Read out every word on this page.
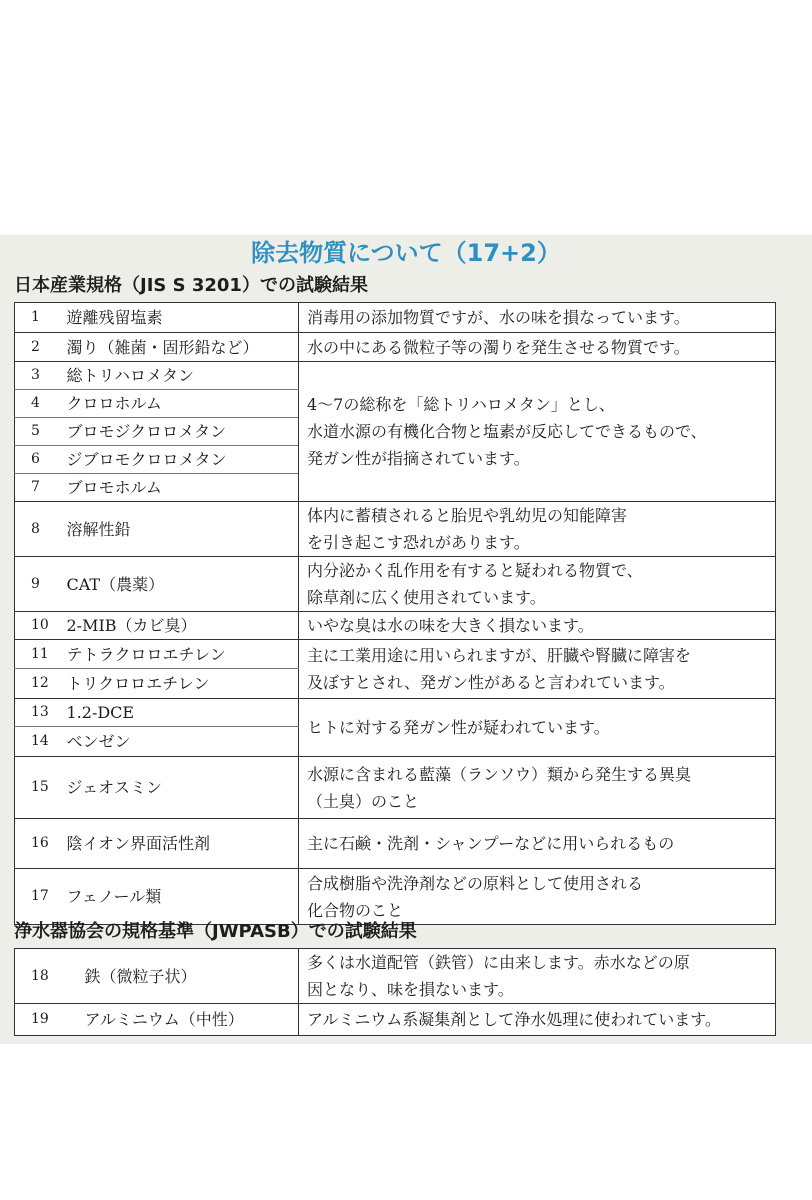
除去物質について（17+2）
日本産業規格（JIS S 3201）での試験結果
1	遊離残留塩素	消毒用の添加物質ですが、水の味を損なっています。

2	濁り（雑菌・固形鉛など）	水の中にある微粒子等の濁りを発生させる物質です。

3	総トリハロメタン	4～7の総称を「総トリハロメタン」とし、
水道水源の有機化合物と塩素が反応してできるもので、
発ガン性が指摘されています。

4	クロロホルム	
5	ブロモジクロロメタン	
6	ジブロモクロロメタン	
7	ブロモホルム	
8	溶解性鉛	体内に蓄積されると胎児や乳幼児の知能障害
を引き起こす恐れがあります。

9	CAT（農薬）	内分泌かく乱作用を有すると疑われる物質で、
除草剤に広く使用されています。

10	2-MIB（カビ臭）	いやな臭は水の味を大きく損ないます。

11	テトラクロロエチレン	主に工業用途に用いられますが、肝臓や腎臓に障害を
及ぼすとされ、発ガン性があると言われています。

12	トリクロロエチレン	
13	1.2-DCE	ヒトに対する発ガン性が疑われています。

14	ベンゼン	
15	ジェオスミン	水源に含まれる藍藻（ランソウ）類から発生する異臭
（土臭）のこと

16	陰イオン界面活性剤	主に石鹸・洗剤・シャンプーなどに用いられるもの

17	フェノール類	合成樹脂や洗浄剤などの原料として使用される
化合物のこと
浄水器協会の規格基準（JWPASB）での試験結果
18	鉄（微粒子状）	多くは水道配管（鉄管）に由来します。赤水などの原
因となり、味を損ないます。

19	アルミニウム（中性）	アルミニウム系凝集剤として浄水処理に使われています。
